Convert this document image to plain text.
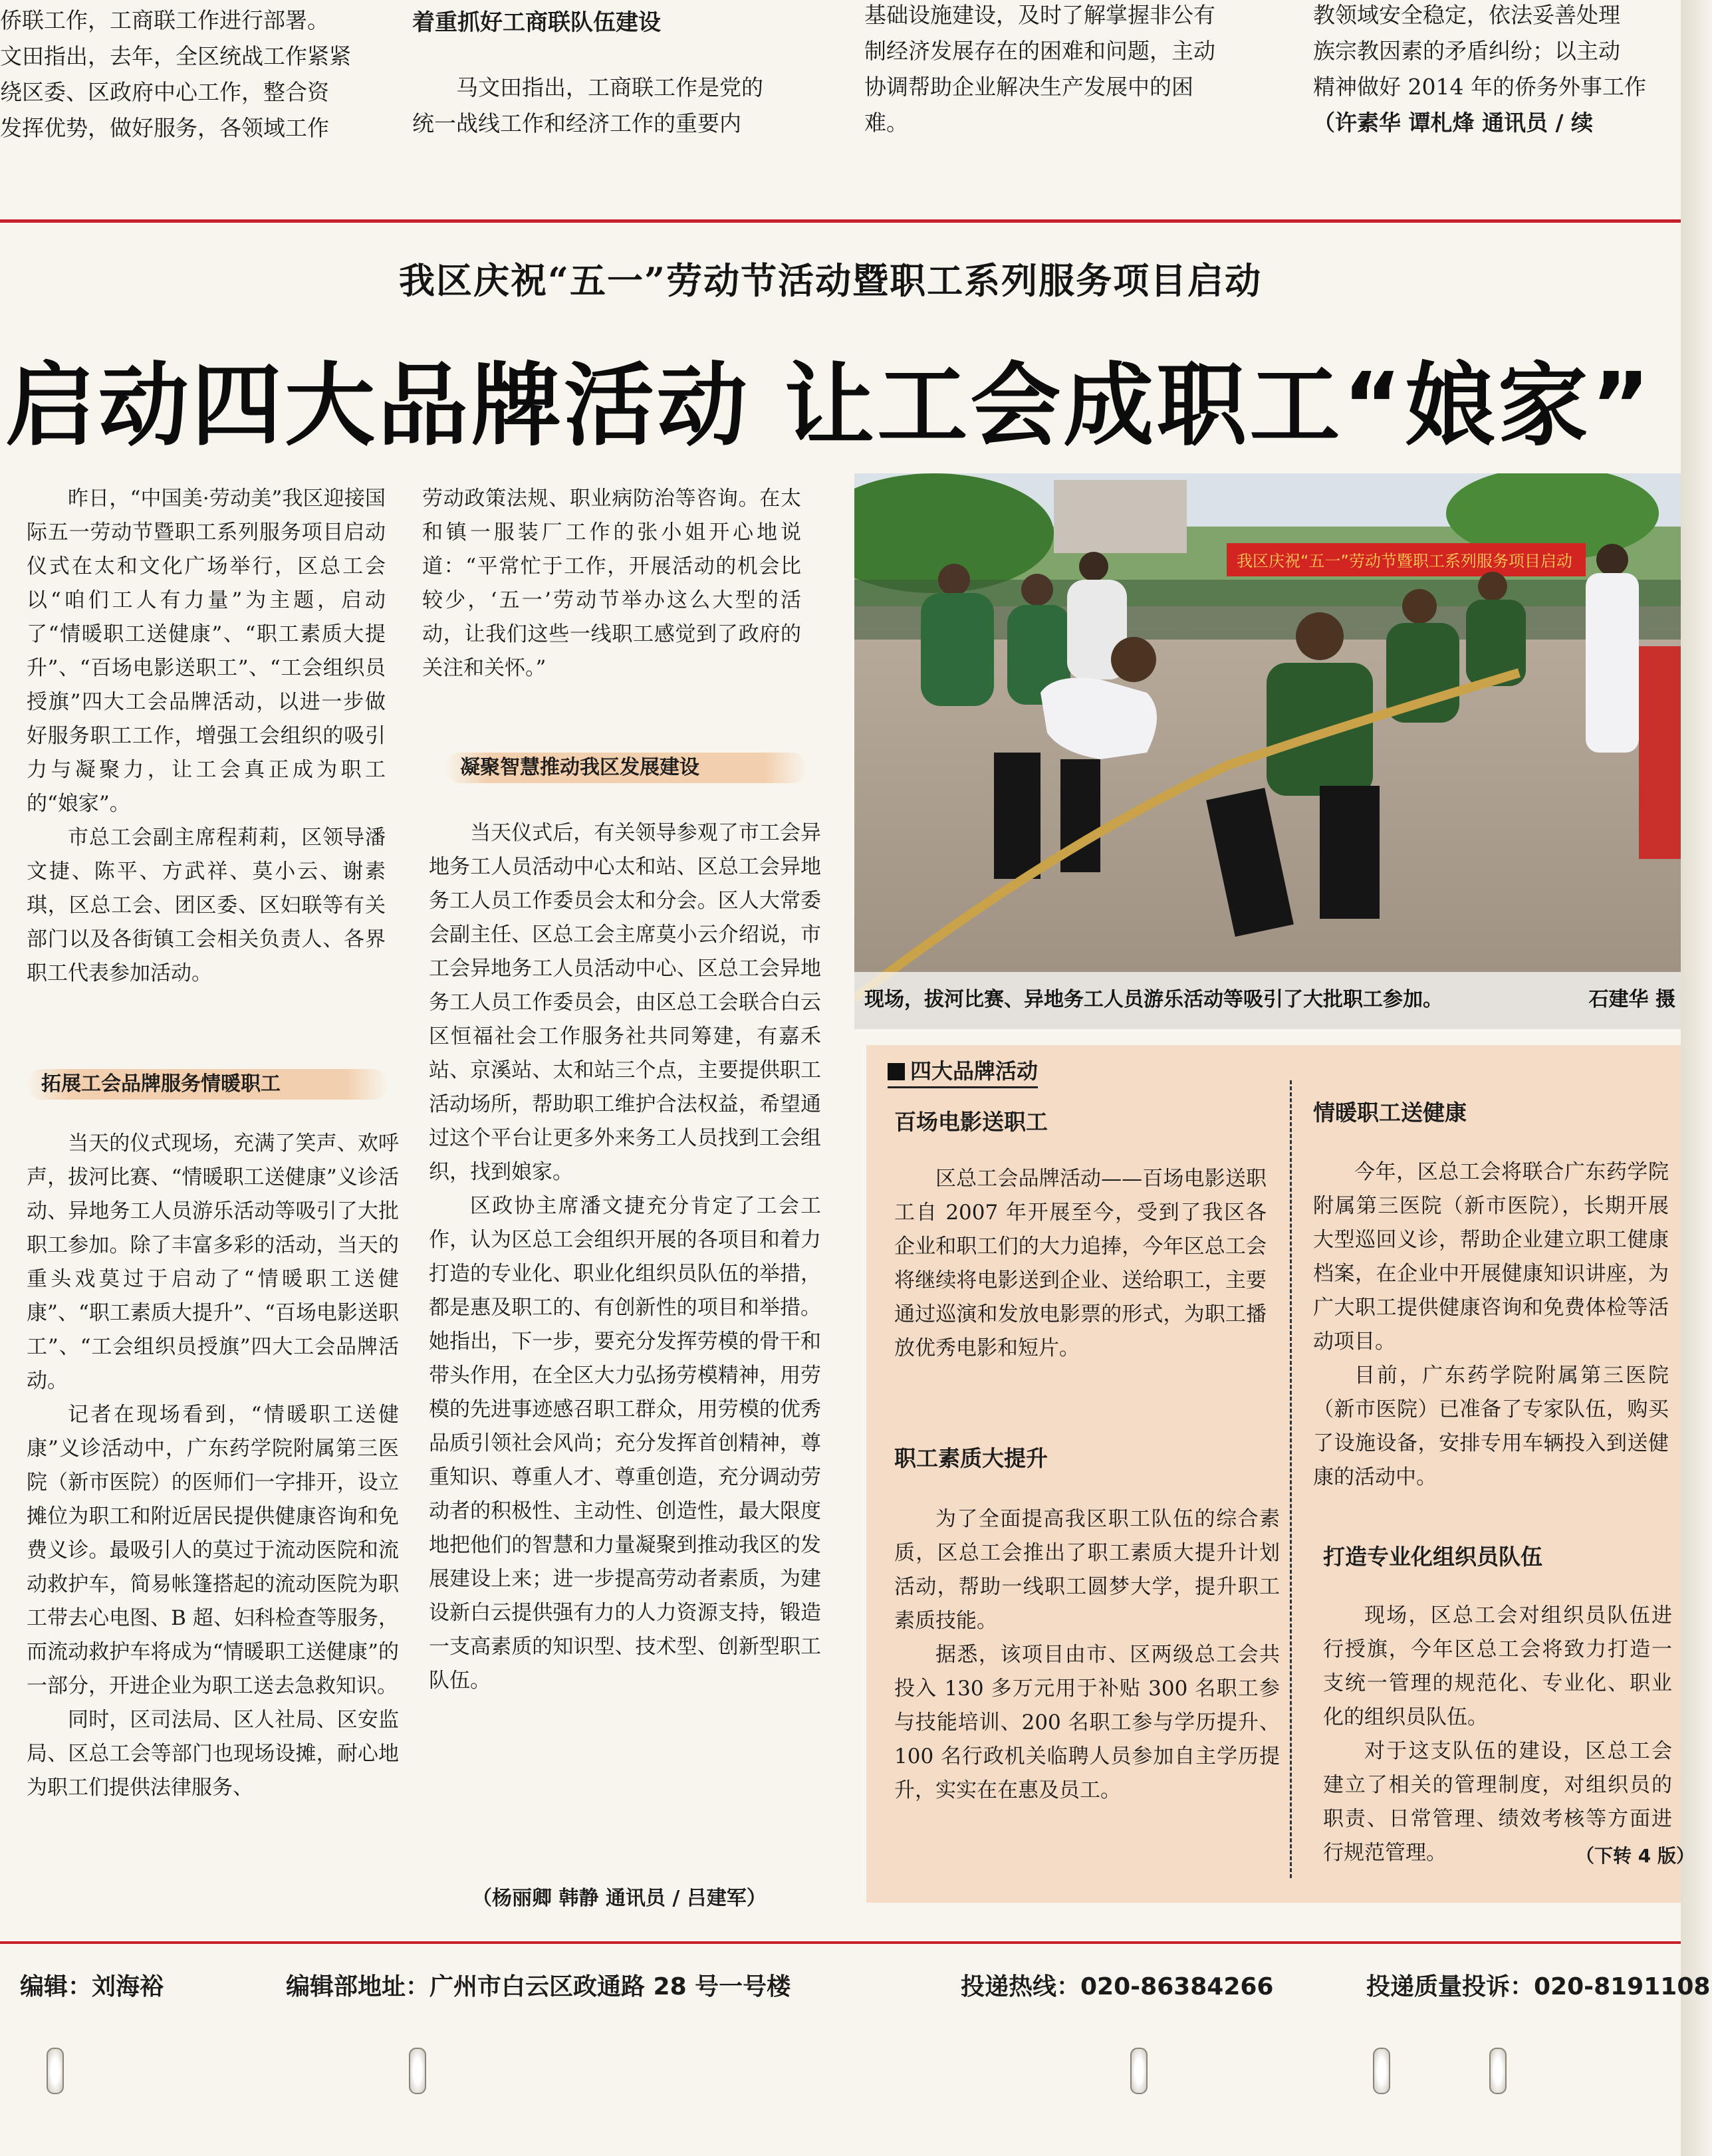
侨联工作，工商联工作进行部署。
文田指出，去年，全区统战工作紧紧
绕区委、区政府中心工作，整合资
发挥优势，做好服务，各领域工作
着重抓好工商联队伍建设
马文田指出，工商联工作是党的
统一战线工作和经济工作的重要内
基础设施建设，及时了解掌握非公有
制经济发展存在的困难和问题，主动
协调帮助企业解决生产发展中的困
难。
教领域安全稳定，依法妥善处理
族宗教因素的矛盾纠纷；以主动
精神做好 2014 年的侨务外事工作
（许素华 谭札烽 通讯员 / 续
我区庆祝“五一”劳动节活动暨职工系列服务项目启动
启动四大品牌活动 让工会成职工“娘家”

昨日，“中国美·劳动美”我区迎接国际五一劳动节暨职工系列服务项目启动仪式在太和文化广场举行，区总工会以“咱们工人有力量”为主题，启动了“情暖职工送健康”、“职工素质大提升”、“百场电影送职工”、“工会组织员授旗”四大工会品牌活动，以进一步做好服务职工工作，增强工会组织的吸引力与凝聚力，让工会真正成为职工的“娘家”。

市总工会副主席程莉莉，区领导潘文捷、陈平、方武祥、莫小云、谢素琪，区总工会、团区委、区妇联等有关部门以及各街镇工会相关负责人、各界职工代表参加活动。

拓展工会品牌服务情暖职工

当天的仪式现场，充满了笑声、欢呼声，拔河比赛、“情暖职工送健康”义诊活动、异地务工人员游乐活动等吸引了大批职工参加。除了丰富多彩的活动，当天的重头戏莫过于启动了“情暖职工送健康”、“职工素质大提升”、“百场电影送职工”、“工会组织员授旗”四大工会品牌活动。

记者在现场看到，“情暖职工送健康”义诊活动中，广东药学院附属第三医院（新市医院）的医师们一字排开，设立摊位为职工和附近居民提供健康咨询和免费义诊。最吸引人的莫过于流动医院和流动救护车，简易帐篷搭起的流动医院为职工带去心电图、B 超、妇科检查等服务，而流动救护车将成为“情暖职工送健康”的一部分，开进企业为职工送去急救知识。

同时，区司法局、区人社局、区安监局、区总工会等部门也现场设摊，耐心地为职工们提供法律服务、

劳动政策法规、职业病防治等咨询。在太和镇一服装厂工作的张小姐开心地说道：“平常忙于工作，开展活动的机会比较少，‘五一’劳动节举办这么大型的活动，让我们这些一线职工感觉到了政府的关注和关怀。”

凝聚智慧推动我区发展建设

当天仪式后，有关领导参观了市工会异地务工人员活动中心太和站、区总工会异地务工人员工作委员会太和分会。区人大常委会副主任、区总工会主席莫小云介绍说，市工会异地务工人员活动中心、区总工会异地务工人员工作委员会，由区总工会联合白云区恒福社会工作服务社共同筹建，有嘉禾站、京溪站、太和站三个点，主要提供职工活动场所，帮助职工维护合法权益，希望通过这个平台让更多外来务工人员找到工会组织，找到娘家。

区政协主席潘文捷充分肯定了工会工作，认为区总工会组织开展的各项目和着力打造的专业化、职业化组织员队伍的举措，都是惠及职工的、有创新性的项目和举措。她指出，下一步，要充分发挥劳模的骨干和带头作用，在全区大力弘扬劳模精神，用劳模的先进事迹感召职工群众，用劳模的优秀品质引领社会风尚；充分发挥首创精神，尊重知识、尊重人才、尊重创造，充分调动劳动者的积极性、主动性、创造性，最大限度地把他们的智慧和力量凝聚到推动我区的发展建设上来；进一步提高劳动者素质，为建设新白云提供强有力的人力资源支持，锻造一支高素质的知识型、技术型、创新型职工队伍。

（杨丽卿 韩静 通讯员 / 吕建军）
我区庆祝“五一”劳动节暨职工系列服务项目启动
现场，拔河比赛、异地务工人员游乐活动等吸引了大批职工参加。	石建华 摄
四大品牌活动
百场电影送职工

区总工会品牌活动——百场电影送职工自 2007 年开展至今，受到了我区各企业和职工们的大力追捧，今年区总工会将继续将电影送到企业、送给职工，主要通过巡演和发放电影票的形式，为职工播放优秀电影和短片。

职工素质大提升

为了全面提高我区职工队伍的综合素质，区总工会推出了职工素质大提升计划活动，帮助一线职工圆梦大学，提升职工素质技能。

据悉，该项目由市、区两级总工会共投入 130 多万元用于补贴 300 名职工参与技能培训、200 名职工参与学历提升、100 名行政机关临聘人员参加自主学历提升，实实在在惠及员工。

情暖职工送健康

今年，区总工会将联合广东药学院附属第三医院（新市医院），长期开展大型巡回义诊，帮助企业建立职工健康档案，在企业中开展健康知识讲座，为广大职工提供健康咨询和免费体检等活动项目。

目前，广东药学院附属第三医院（新市医院）已准备了专家队伍，购买了设施设备，安排专用车辆投入到送健康的活动中。

打造专业化组织员队伍

现场，区总工会对组织员队伍进行授旗，今年区总工会将致力打造一支统一管理的规范化、专业化、职业化的组织员队伍。

对于这支队伍的建设，区总工会建立了相关的管理制度，对组织员的职责、日常管理、绩效考核等方面进行规范管理。	（下转 4 版）
编辑：刘海裕	编辑部地址：广州市白云区政通路 28 号一号楼	投递热线：020-86384266	投递质量投诉：020-8191108
